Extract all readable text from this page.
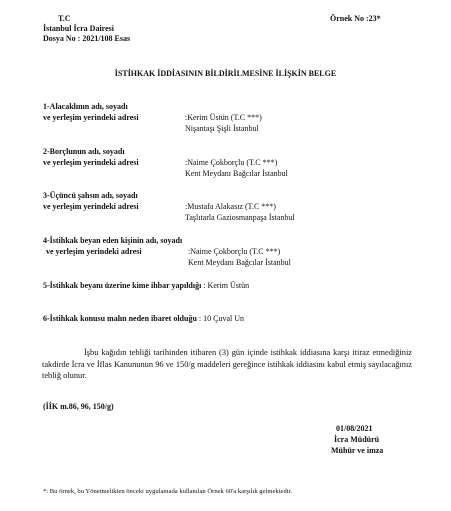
T.C
İstanbul İcra Dairesi
Dosya No : 2021/108 Esas
Örnek No :23*
İSTİHKAK İDDİASININ BİLDİRİLMESİNE İLİŞKİN BELGE
1-Alacaklının adı, soyadı
ve yerleşim yerindeki adresi	:Kerim Üstün (T.C ***)
Nişantaşı Şişli İstanbul
2-Borçlunun adı, soyadı
ve yerleşim yerindeki adresi	:Naime Çokborçlu (T.C ***)
Kent Meydanı Bağcılar İstanbul
3-Üçüncü şahsın adı, soyadı
ve yerleşim yerindeki adresi	:Mustafa Alakasız (T.C ***)
Taşlıtarla Gaziosmanpaşa İstanbul
4-İstihkak beyan eden kişinin adı, soyadı
ve yerleşim yerindeki adresi	:Naime Çokborçlu (T.C ***)
Kent Meydanı Bağcılar İstanbul
5-İstihkak beyanı üzerine kime ihbar yapıldığı : Kerim Üstün
6-İstihkak konusu malın neden ibaret olduğu : 10 Çuval Un
İşbu kağıdın tebliği tarihinden itibaren (3) gün içinde istihkak iddiasına karşı itiraz etmediğiniz takdirde İcra ve İflas Kanununun 96 ve 150/g maddeleri gereğince istihkak iddiasını kabul etmiş sayılacağınız tebliğ olunur.
(İİK m.86, 96, 150/g)
01/08/2021
İcra Müdürü
Mühür ve imza
*: Bu örnek, bu Yönetmelikten önceki uygulamada kullanılan Örnek 60'a karşılık gelmektedir.
